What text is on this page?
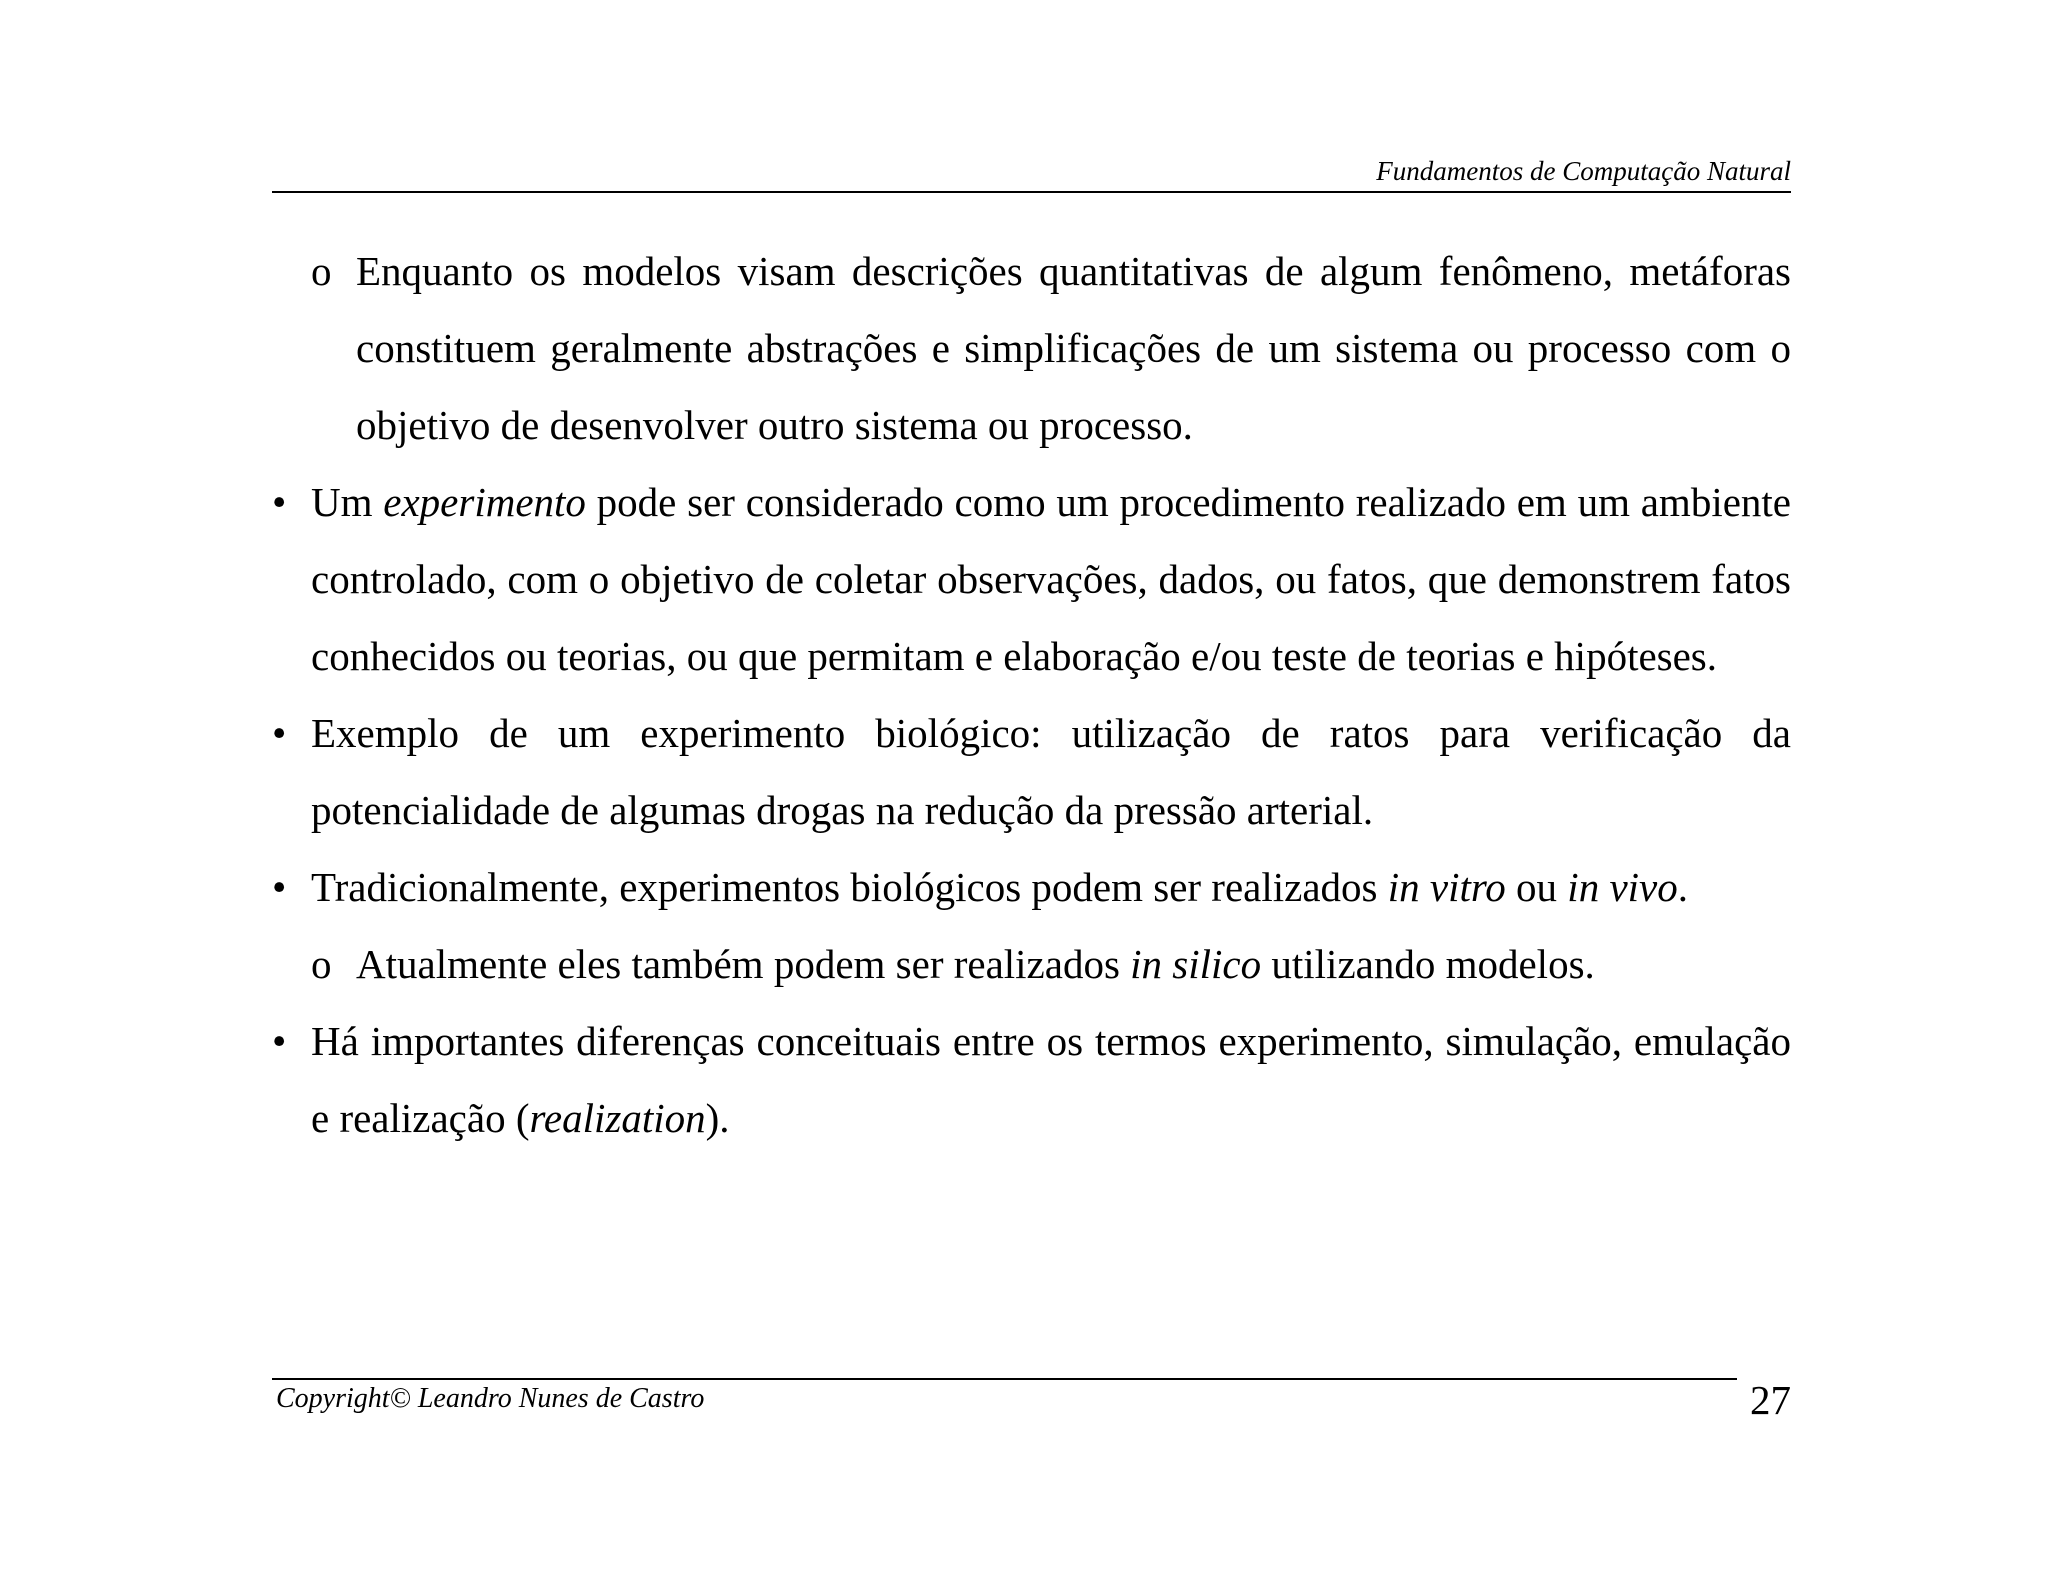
Fundamentos de Computação Natural
o Enquanto os modelos visam descrições quantitativas de algum fenômeno, metáforas constituem geralmente abstrações e simplificações de um sistema ou processo com o objetivo de desenvolver outro sistema ou processo.
• Um experimento pode ser considerado como um procedimento realizado em um ambiente controlado, com o objetivo de coletar observações, dados, ou fatos, que demonstrem fatos conhecidos ou teorias, ou que permitam e elaboração e/ou teste de teorias e hipóteses.
• Exemplo de um experimento biológico: utilização de ratos para verificação da potencialidade de algumas drogas na redução da pressão arterial.
• Tradicionalmente, experimentos biológicos podem ser realizados in vitro ou in vivo.
o Atualmente eles também podem ser realizados in silico utilizando modelos.
• Há importantes diferenças conceituais entre os termos experimento, simulação, emulação e realização (realization).
Copyright© Leandro Nunes de Castro	27
